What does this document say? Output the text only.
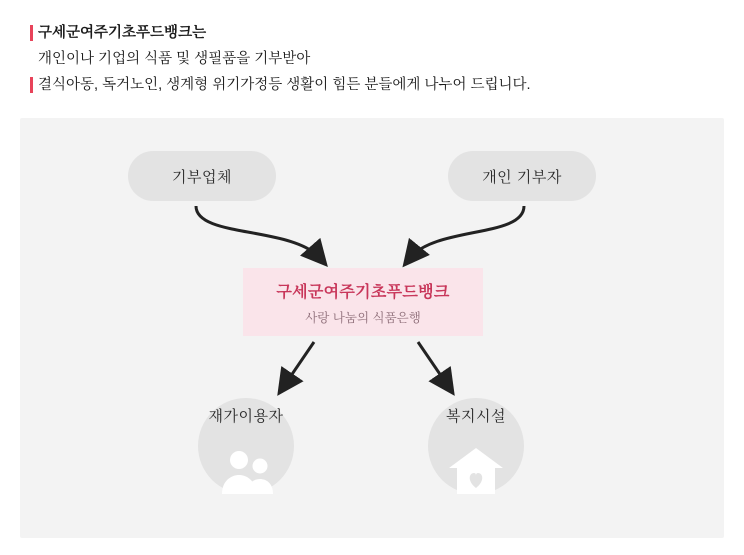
구세군여주기초푸드뱅크는
개인이나 기업의 식품 및 생필품을 기부받아
결식아동, 독거노인, 생계형 위기가정등 생활이 힘든 분들에게 나누어 드립니다.
기부업체	개인 기부자
구세군여주기초푸드뱅크
사랑 나눔의 식품은행
재가이용자	복지시설
